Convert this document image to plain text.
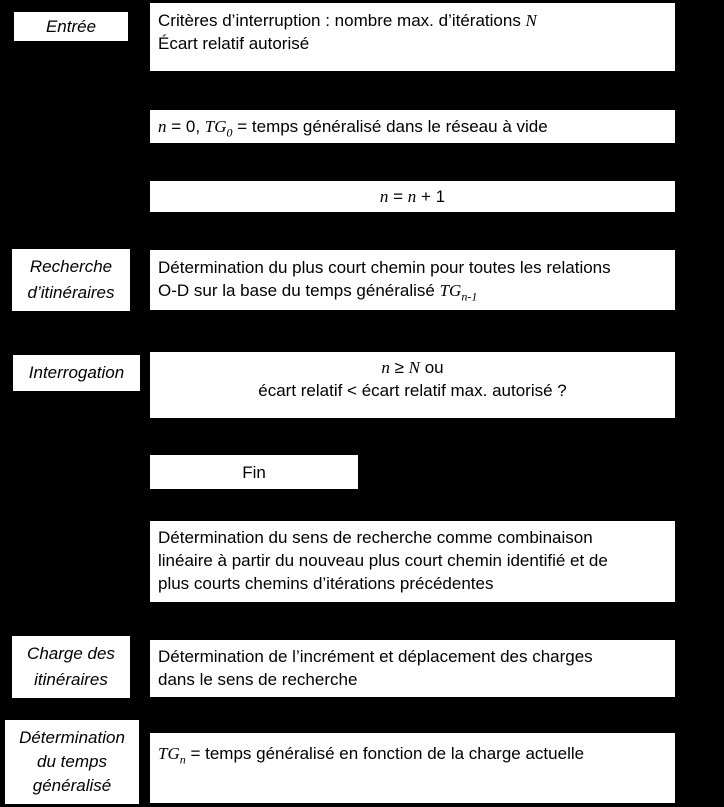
Entrée	Critères d’interruption : nombre max. d’itérations N
Écart relatif autorisé
n = 0, $TG_0$ = temps généralisé dans le réseau à vide
n = n + 1
Recherche
d’itinéraires
Détermination du plus court chemin pour toutes les relations
O-D sur la base du temps généralisé $TG_{n-1}$
Interrogation	n ≥ N ou
écart relatif < écart relatif max. autorisé ?
Fin
Détermination du sens de recherche comme combinaison
linéaire à partir du nouveau plus court chemin identifié et de
plus courts chemins d’itérations précédentes
Charge des
itinéraires
Détermination de l’incrément et déplacement des charges
dans le sens de recherche
Détermination
du temps
généralisé
$TG_n$ = temps généralisé en fonction de la charge actuelle
